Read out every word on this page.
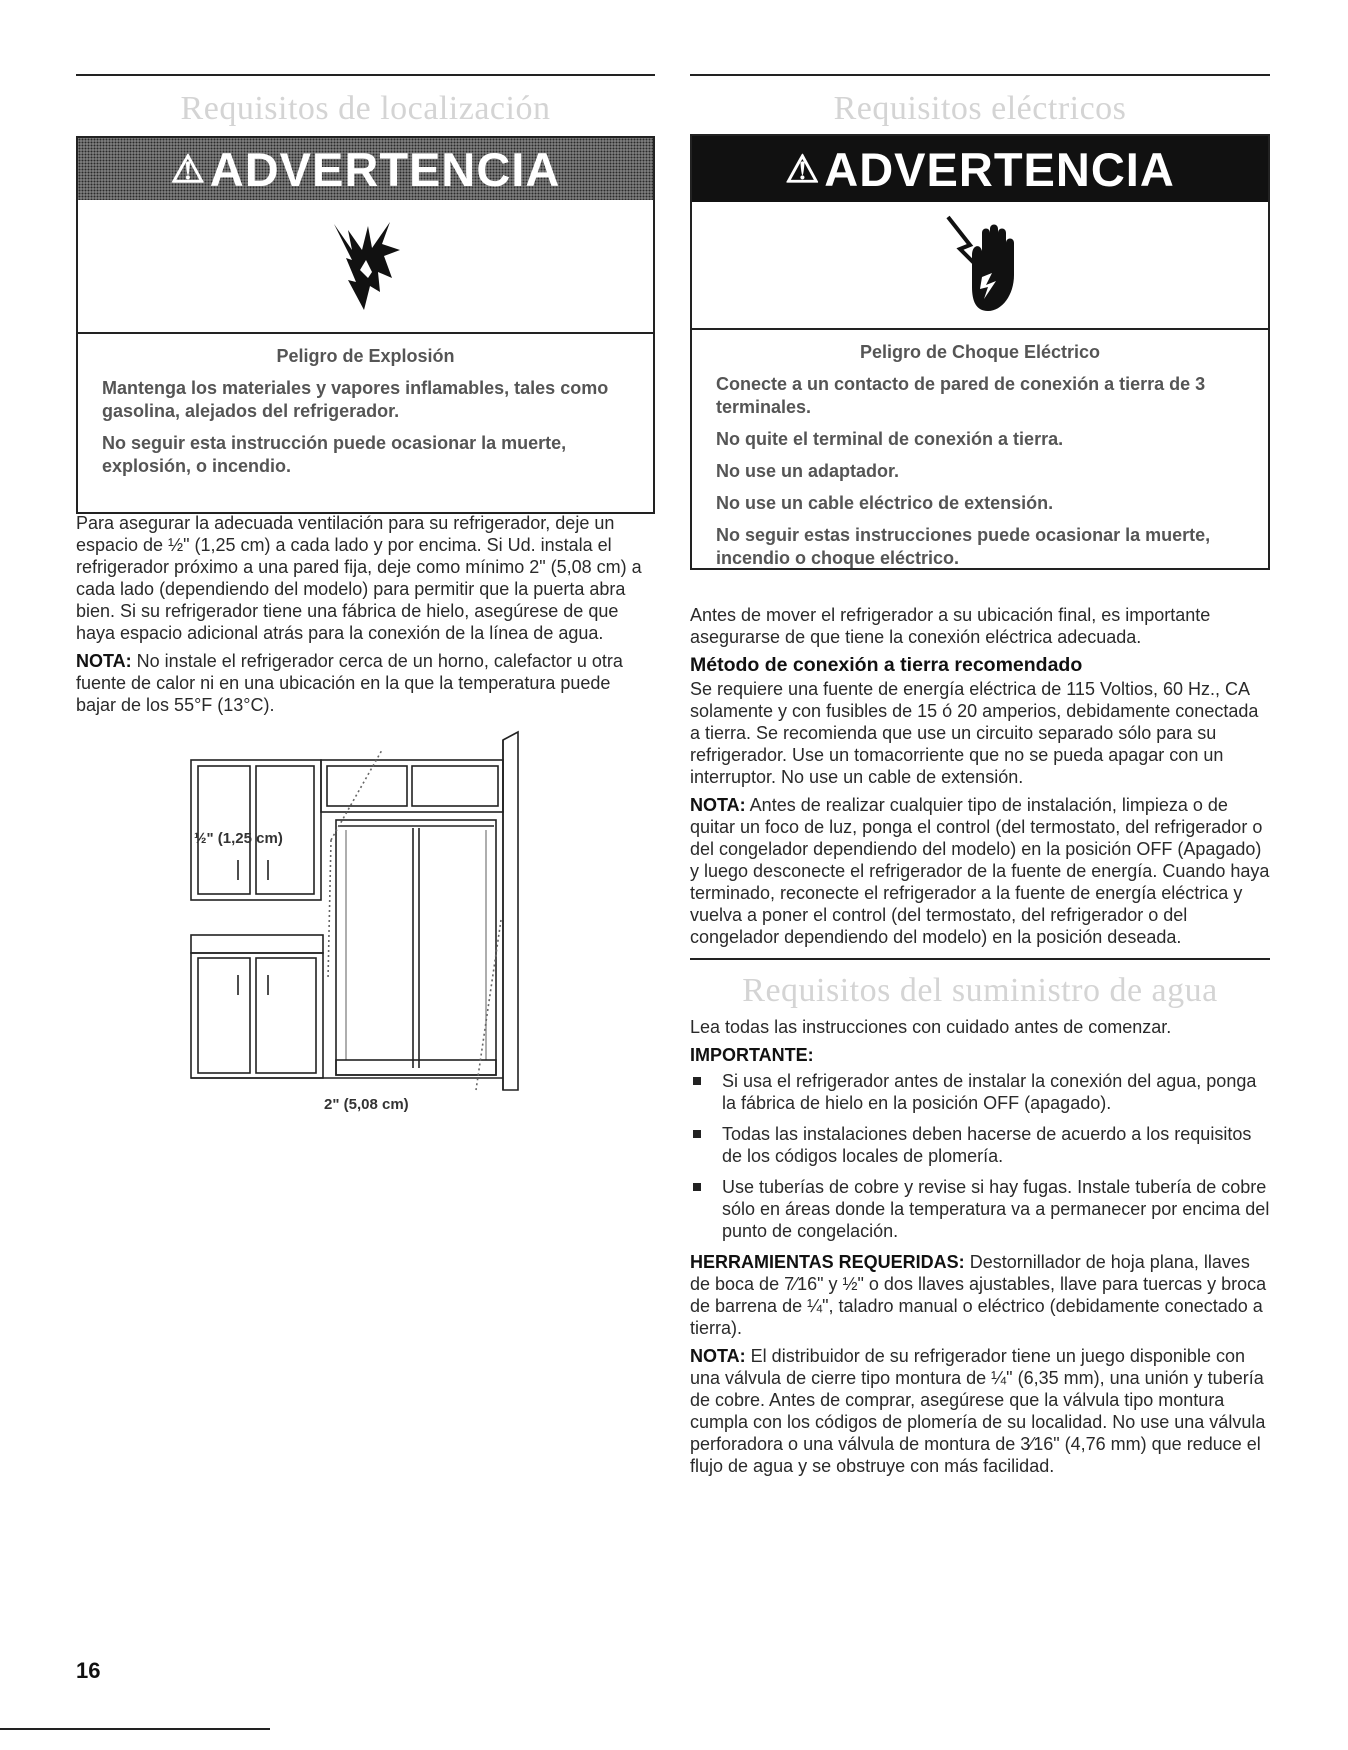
Requisitos de localización
⚠ ADVERTENCIA
Peligro de Explosión

Mantenga los materiales y vapores inflamables, tales como gasolina, alejados del refrigerador.

No seguir esta instrucción puede ocasionar la muerte, explosión, o incendio.

Para asegurar la adecuada ventilación para su refrigerador, deje un espacio de ½" (1,25 cm) a cada lado y por encima. Si Ud. instala el refrigerador próximo a una pared fija, deje como mínimo 2" (5,08 cm) a cada lado (dependiendo del modelo) para permitir que la puerta abra bien. Si su refrigerador tiene una fábrica de hielo, asegúrese de que haya espacio adicional atrás para la conexión de la línea de agua.

NOTA: No instale el refrigerador cerca de un horno, calefactor u otra fuente de calor ni en una ubicación en la que la temperatura puede bajar de los 55°F (13°C).

½" (1,25 cm)
2" (5,08 cm)
Requisitos eléctricos
⚠ ADVERTENCIA
Peligro de Choque Eléctrico

Conecte a un contacto de pared de conexión a tierra de 3 terminales.

No quite el terminal de conexión a tierra.

No use un adaptador.

No use un cable eléctrico de extensión.

No seguir estas instrucciones puede ocasionar la muerte, incendio o choque eléctrico.

Antes de mover el refrigerador a su ubicación final, es importante asegurarse de que tiene la conexión eléctrica adecuada.

Método de conexión a tierra recomendado

Se requiere una fuente de energía eléctrica de 115 Voltios, 60 Hz., CA solamente y con fusibles de 15 ó 20 amperios, debidamente conectada a tierra. Se recomienda que use un circuito separado sólo para su refrigerador. Use un tomacorriente que no se pueda apagar con un interruptor. No use un cable de extensión.

NOTA: Antes de realizar cualquier tipo de instalación, limpieza o de quitar un foco de luz, ponga el control (del termostato, del refrigerador o del congelador dependiendo del modelo) en la posición OFF (Apagado) y luego desconecte el refrigerador de la fuente de energía. Cuando haya terminado, reconecte el refrigerador a la fuente de energía eléctrica y vuelva a poner el control (del termostato, del refrigerador o del congelador dependiendo del modelo) en la posición deseada.

Requisitos del suministro de agua

Lea todas las instrucciones con cuidado antes de comenzar.

IMPORTANTE:
Si usa el refrigerador antes de instalar la conexión del agua, ponga la fábrica de hielo en la posición OFF (apagado).
Todas las instalaciones deben hacerse de acuerdo a los requisitos de los códigos locales de plomería.
Use tuberías de cobre y revise si hay fugas. Instale tubería de cobre sólo en áreas donde la temperatura va a permanecer por encima del punto de congelación.

HERRAMIENTAS REQUERIDAS: Destornillador de hoja plana, llaves de boca de 7⁄16" y ½" o dos llaves ajustables, llave para tuercas y broca de barrena de ¼", taladro manual o eléctrico (debidamente conectado a tierra).

NOTA: El distribuidor de su refrigerador tiene un juego disponible con una válvula de cierre tipo montura de ¼" (6,35 mm), una unión y tubería de cobre. Antes de comprar, asegúrese que la válvula tipo montura cumpla con los códigos de plomería de su localidad. No use una válvula perforadora o una válvula de montura de 3⁄16" (4,76 mm) que reduce el flujo de agua y se obstruye con más facilidad.

16
